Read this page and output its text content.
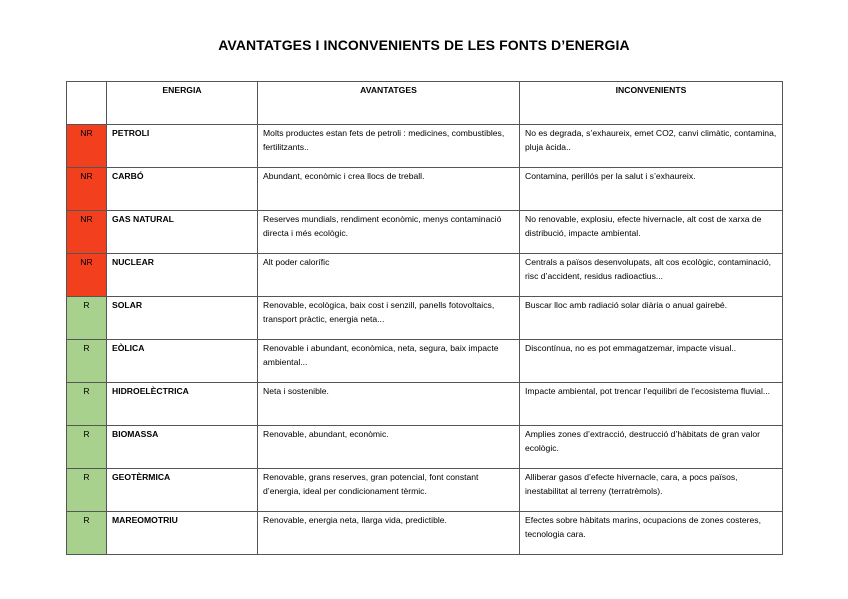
AVANTATGES I INCONVENIENTS DE LES FONTS D’ENERGIA
	ENERGIA	AVANTATGES	INCONVENIENTS
NR	PETROLI	Molts productes estan fets de petroli : medicines, combustibles, fertilitzants..	No es degrada, s’exhaureix, emet CO2, canvi climàtic, contamina, pluja àcida..
NR	CARBÓ	Abundant, econòmic i crea llocs de treball.	Contamina, perillós per la salut i s’exhaureix.
NR	GAS NATURAL	Reserves mundials, rendiment econòmic, menys contaminació directa i més ecològic.	No renovable, explosiu, efecte hivernacle, alt cost de xarxa de distribució, impacte ambiental.
NR	NUCLEAR	Alt poder calorífic	Centrals a països desenvolupats, alt cos ecològic, contaminació, risc d’accident, residus radioactius...
R	SOLAR	Renovable, ecològica, baix cost i senzill, panells fotovoltaics, transport pràctic, energia neta...	Buscar lloc amb radiació solar diària o anual gairebé.
R	EÒLICA	Renovable i abundant, econòmica, neta, segura, baix impacte ambiental...	Discontínua, no es pot emmagatzemar, impacte visual..
R	HIDROELÈCTRICA	Neta i sostenible.	Impacte ambiental, pot trencar l’equilibri de l’ecosistema fluvial...
R	BIOMASSA	Renovable, abundant, econòmic.	Amplies zones d’extracció, destrucció d’hàbitats de gran valor ecològic.
R	GEOTÈRMICA	Renovable, grans reserves, gran potencial, font constant d’energia, ideal per condicionament tèrmic.	Alliberar gasos d’efecte hivernacle, cara, a pocs països, inestabilitat al terreny (terratrèmols).
R	MAREOMOTRIU	Renovable, energia neta, llarga vida, predictible.	Efectes sobre hàbitats marins, ocupacions de zones costeres, tecnologia cara.
